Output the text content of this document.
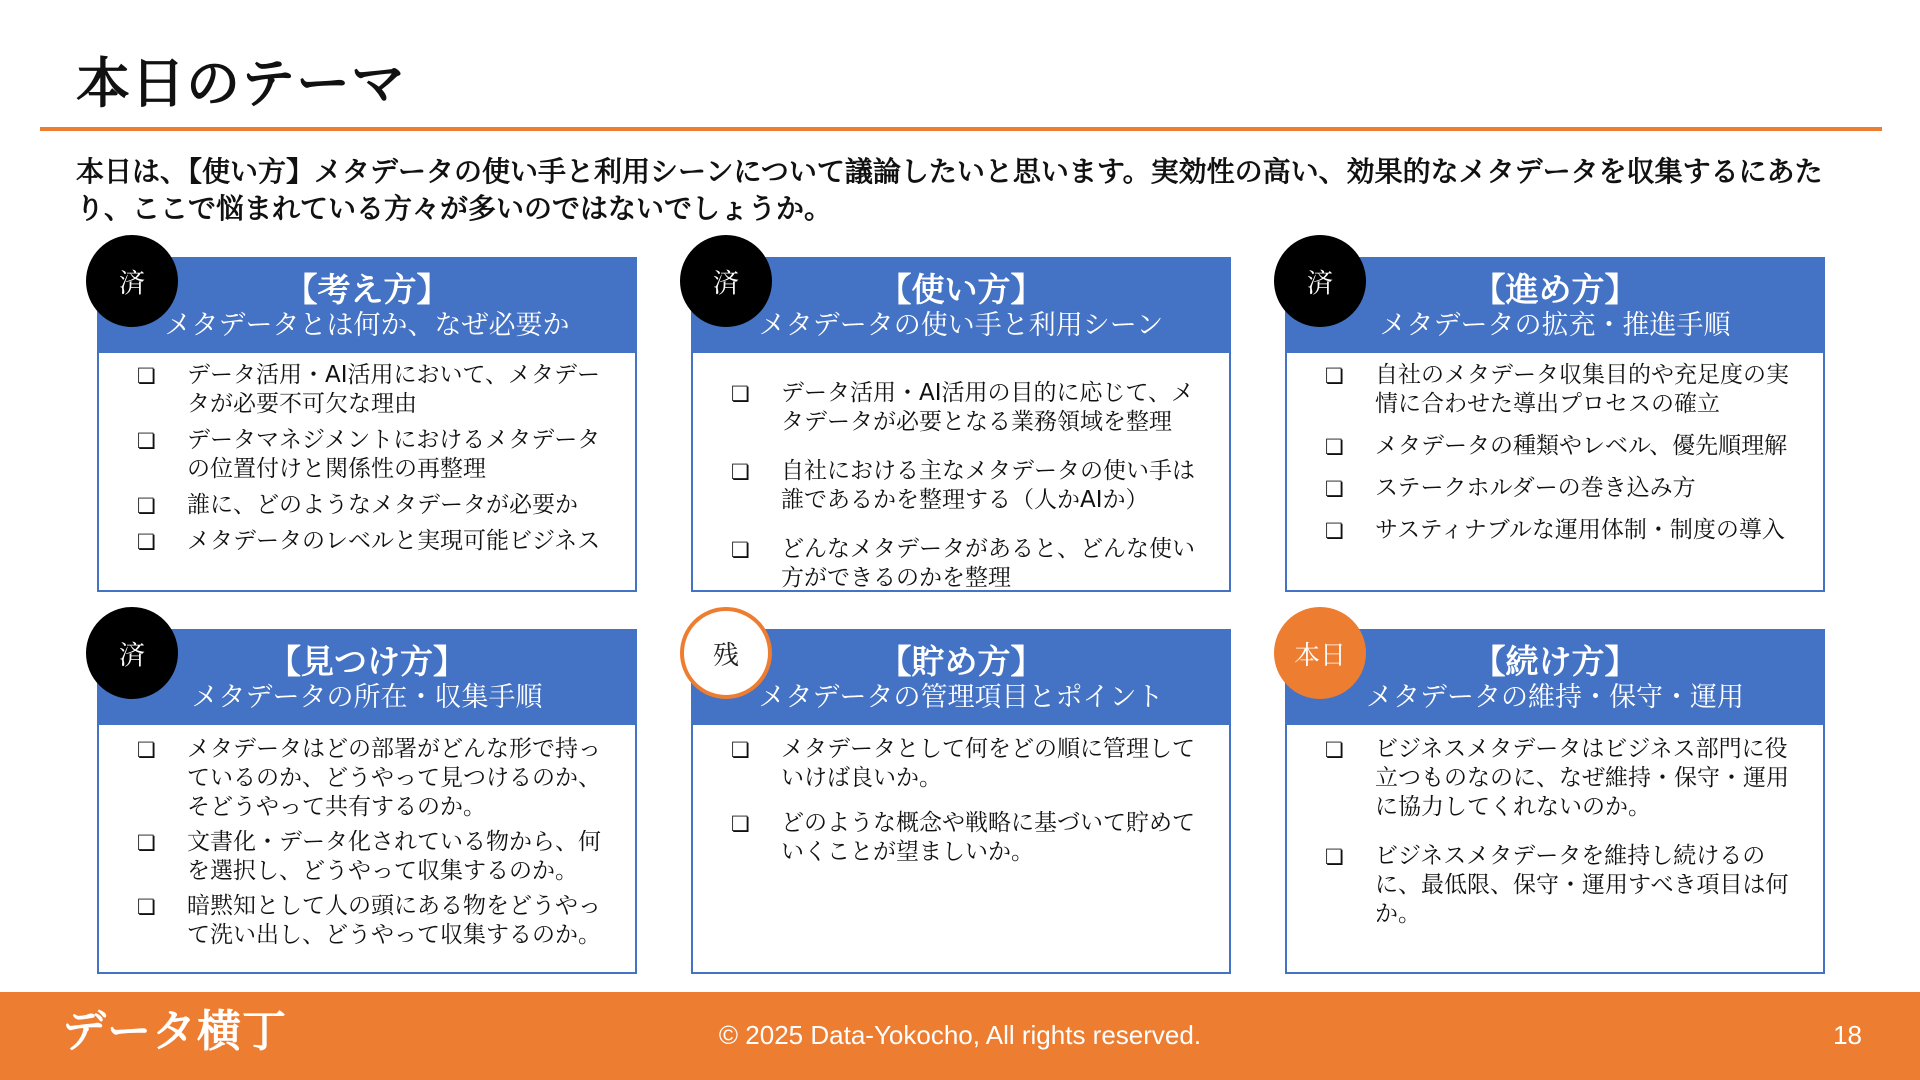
本日のテーマ
本日は、【使い方】メタデータの使い手と利用シーンについて議論したいと思います。実効性の高い、効果的なメタデータを収集するにあたり、ここで悩まれている方々が多いのではないでしょうか。
済	【考え方】
メタデータとは何か、なぜ必要か
❏ データ活用・AI活用において、メタデータが必要不可欠な理由
❏ データマネジメントにおけるメタデータの位置付けと関係性の再整理
❏ 誰に、どのようなメタデータが必要か
❏ メタデータのレベルと実現可能ビジネス
済	【使い方】
メタデータの使い手と利用シーン
❏ データ活用・AI活用の目的に応じて、メタデータが必要となる業務領域を整理
❏ 自社における主なメタデータの使い手は誰であるかを整理する（人かAIか）
❏ どんなメタデータがあると、どんな使い方ができるのかを整理
済	【進め方】
メタデータの拡充・推進手順
❏ 自社のメタデータ収集目的や充足度の実情に合わせた導出プロセスの確立
❏ メタデータの種類やレベル、優先順理解
❏ ステークホルダーの巻き込み方
❏ サスティナブルな運用体制・制度の導入
済	【見つけ方】
メタデータの所在・収集手順
❏ メタデータはどの部署がどんな形で持っているのか、どうやって見つけるのか、そどうやって共有するのか。
❏ 文書化・データ化されている物から、何を選択し、どうやって収集するのか。
❏ 暗黙知として人の頭にある物をどうやって洗い出し、どうやって収集するのか。
残	【貯め方】
メタデータの管理項目とポイント
❏ メタデータとして何をどの順に管理していけば良いか。
❏ どのような概念や戦略に基づいて貯めていくことが望ましいか。
本日	【続け方】
メタデータの維持・保守・運用
❏ ビジネスメタデータはビジネス部門に役立つものなのに、なぜ維持・保守・運用に協力してくれないのか。
❏ ビジネスメタデータを維持し続けるのに、最低限、保守・運用すべき項目は何か。
データ横丁	© 2025 Data-Yokocho, All rights reserved.	18
